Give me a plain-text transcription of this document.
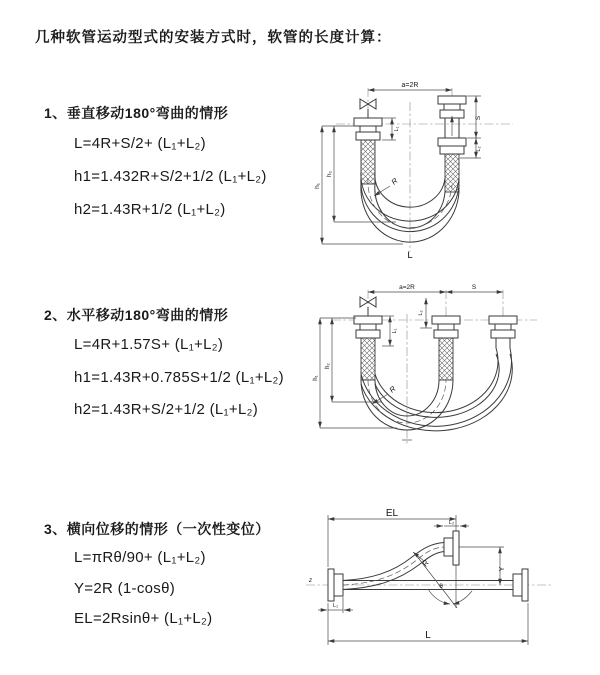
几种软管运动型式的安装方式时，软管的长度计算：
1、垂直移动180°弯曲的情形
L=4R+S/2+ (L₁+L₂)
h1=1.432R+S/2+1/2 (L₁+L₂)
h2=1.43R+1/2 (L₁+L₂)
2、水平移动180°弯曲的情形
L=4R+1.57S+ (L₁+L₂)
h1=1.43R+0.785S+1/2 (L₁+L₂)
h2=1.43R+S/2+1/2 (L₁+L₂)
3、横向位移的情形（一次性变位）
L=πRθ/90+ (L₁+L₂)
Y=2R (1-cosθ)
EL=2Rsinθ+ (L₁+L₂)
a=2R
h₁
h₂
L₁
S
L₂
R
L
a=2R	S
h₁
h₂
L₁
L₂
R
EL
L₂
Y
L
L₁
R
θ
z
